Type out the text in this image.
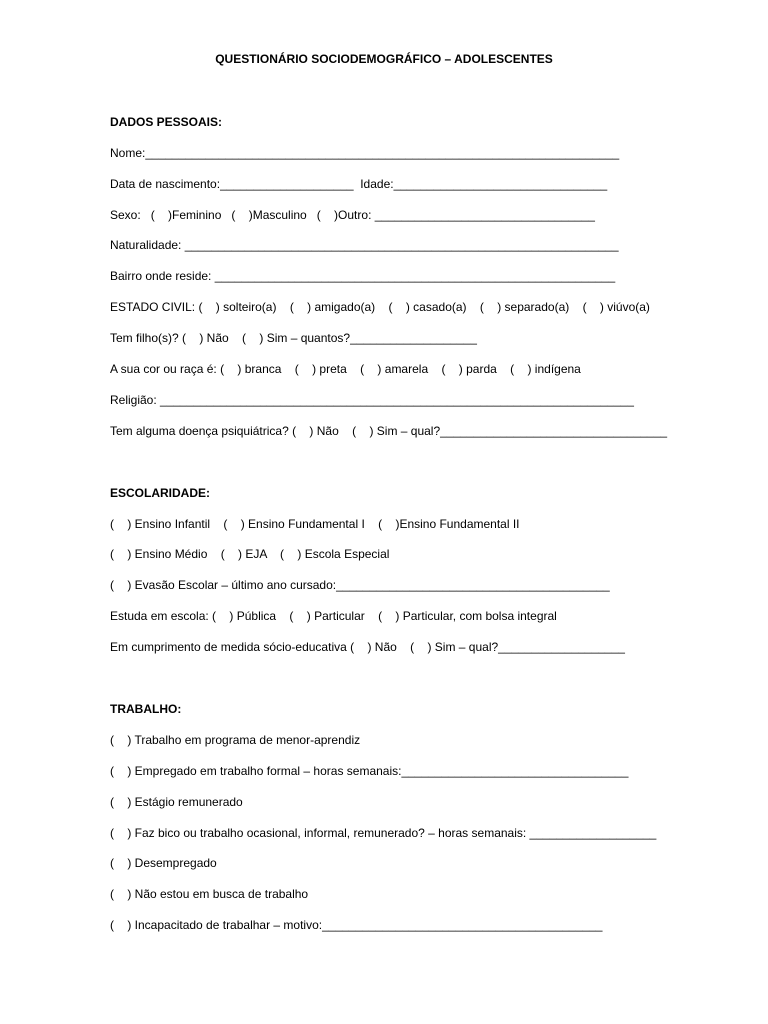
QUESTIONÁRIO SOCIODEMOGRÁFICO – ADOLESCENTES
DADOS PESSOAIS:
Nome:_______________________________________________________________________
Data de nascimento:____________________  Idade:________________________________
Sexo:   (    )Feminino   (    )Masculino   (    )Outro: _________________________________
Naturalidade: _________________________________________________________________
Bairro onde reside: ____________________________________________________________
ESTADO CIVIL: (    ) solteiro(a)    (    ) amigado(a)    (    ) casado(a)    (    ) separado(a)    (    ) viúvo(a)
Tem filho(s)? (    ) Não    (    ) Sim – quantos?___________________
A sua cor ou raça é: (    ) branca    (    ) preta    (    ) amarela    (    ) parda    (    ) indígena
Religião: _______________________________________________________________________
Tem alguma doença psiquiátrica? (    ) Não    (    ) Sim – qual?__________________________________
ESCOLARIDADE:
(    ) Ensino Infantil    (    ) Ensino Fundamental I    (    )Ensino Fundamental II
(    ) Ensino Médio    (    ) EJA    (    ) Escola Especial
(    ) Evasão Escolar – último ano cursado:_________________________________________
Estuda em escola: (    ) Pública    (    ) Particular    (    ) Particular, com bolsa integral
Em cumprimento de medida sócio-educativa (    ) Não    (    ) Sim – qual?___________________
TRABALHO:
(    ) Trabalho em programa de menor-aprendiz
(    ) Empregado em trabalho formal – horas semanais:__________________________________
(    ) Estágio remunerado
(    ) Faz bico ou trabalho ocasional, informal, remunerado? – horas semanais: ___________________
(    ) Desempregado
(    ) Não estou em busca de trabalho
(    ) Incapacitado de trabalhar – motivo:__________________________________________
